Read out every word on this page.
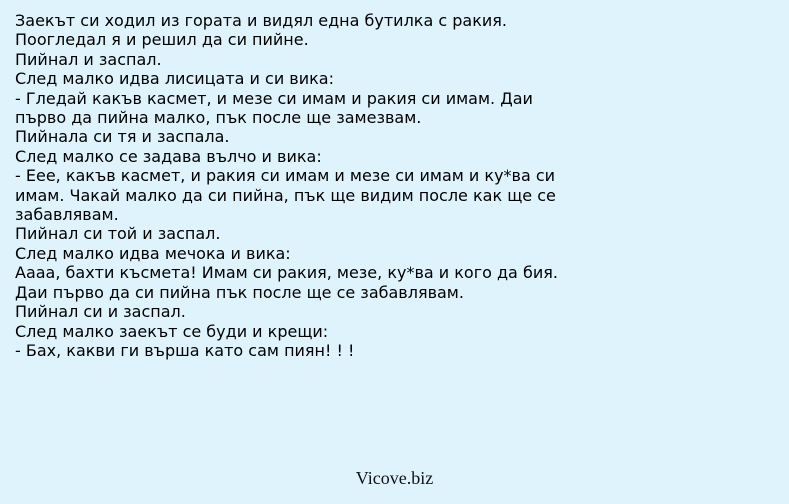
Заекът си ходил из гората и видял една бутилка с ракия.
Поогледал я и решил да си пийне.
Пийнал и заспал.
След малко идва лисицата и си вика:
- Гледай какъв касмет, и мезе си имам и ракия си имам. Даи първо да пийна малко, пък после ще замезвам.
Пийнала си тя и заспала.
След малко се задава вълчо и вика:
- Еее, какъв касмет, и ракия си имам и мезе си имам и ку*ва си имам. Чакай малко да си пийна, пък ще видим после как ще се забавлявам.
Пийнал си той и заспал.
След малко идва мечока и вика:
Аааа, бахти късмета! Имам си ракия, мезе, ку*ва и кого да бия. Даи първо да си пийна пък после ще се забавлявам.
Пийнал си и заспал.
След малко заекът се буди и крещи:
- Бах, какви ги върша като сам пиян! ! !
Vicove.biz
